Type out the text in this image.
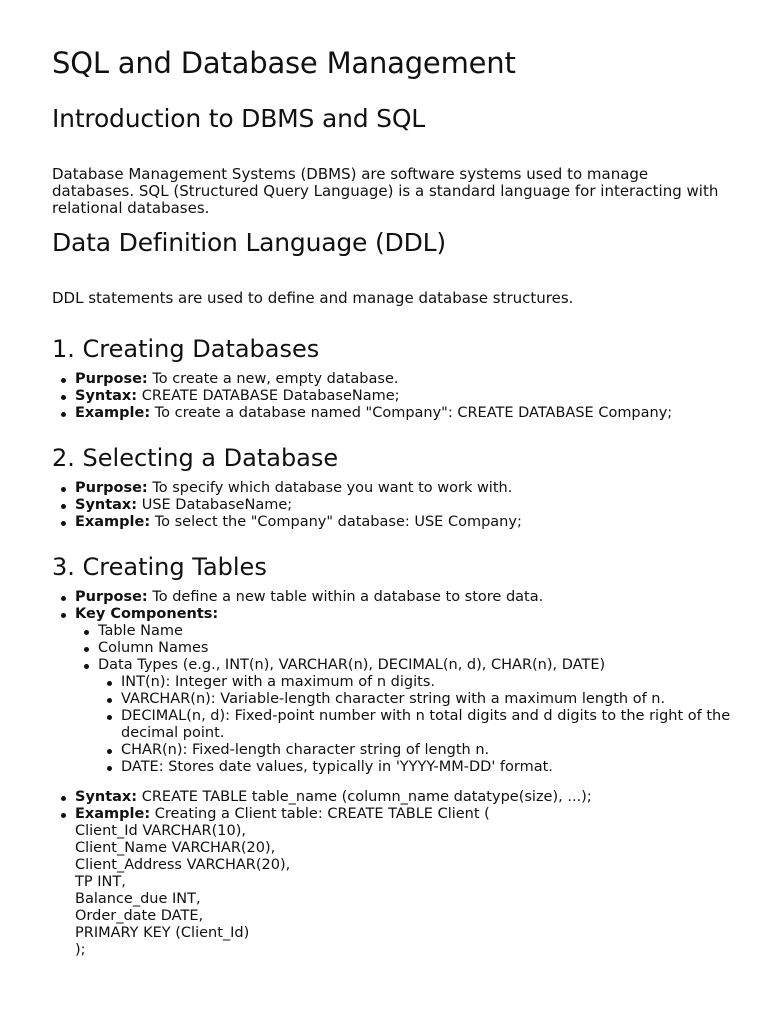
SQL and Database Management
Introduction to DBMS and SQL

Database Management Systems (DBMS) are software systems used to manage databases. SQL (Structured Query Language) is a standard language for interacting with relational databases.

Data Definition Language (DDL)

DDL statements are used to define and manage database structures.

1. Creating Databases
Purpose: To create a new, empty database.
Syntax: CREATE DATABASE DatabaseName;
Example: To create a database named "Company": CREATE DATABASE Company;
2. Selecting a Database
Purpose: To specify which database you want to work with.
Syntax: USE DatabaseName;
Example: To select the "Company" database: USE Company;
3. Creating Tables
Purpose: To define a new table within a database to store data.
Key Components:
Table Name
Column Names
Data Types (e.g., INT(n), VARCHAR(n), DECIMAL(n, d), CHAR(n), DATE)
INT(n): Integer with a maximum of n digits.
VARCHAR(n): Variable-length character string with a maximum length of n.
DECIMAL(n, d): Fixed-point number with n total digits and d digits to the right of the decimal point.
CHAR(n): Fixed-length character string of length n.
DATE: Stores date values, typically in 'YYYY-MM-DD' format.
Syntax: CREATE TABLE table_name (column_name datatype(size), ...);
Example: Creating a Client table: CREATE TABLE Client (
Client_Id VARCHAR(10),
Client_Name VARCHAR(20),
Client_Address VARCHAR(20),
TP INT,
Balance_due INT,
Order_date DATE,
PRIMARY KEY (Client_Id)
);
